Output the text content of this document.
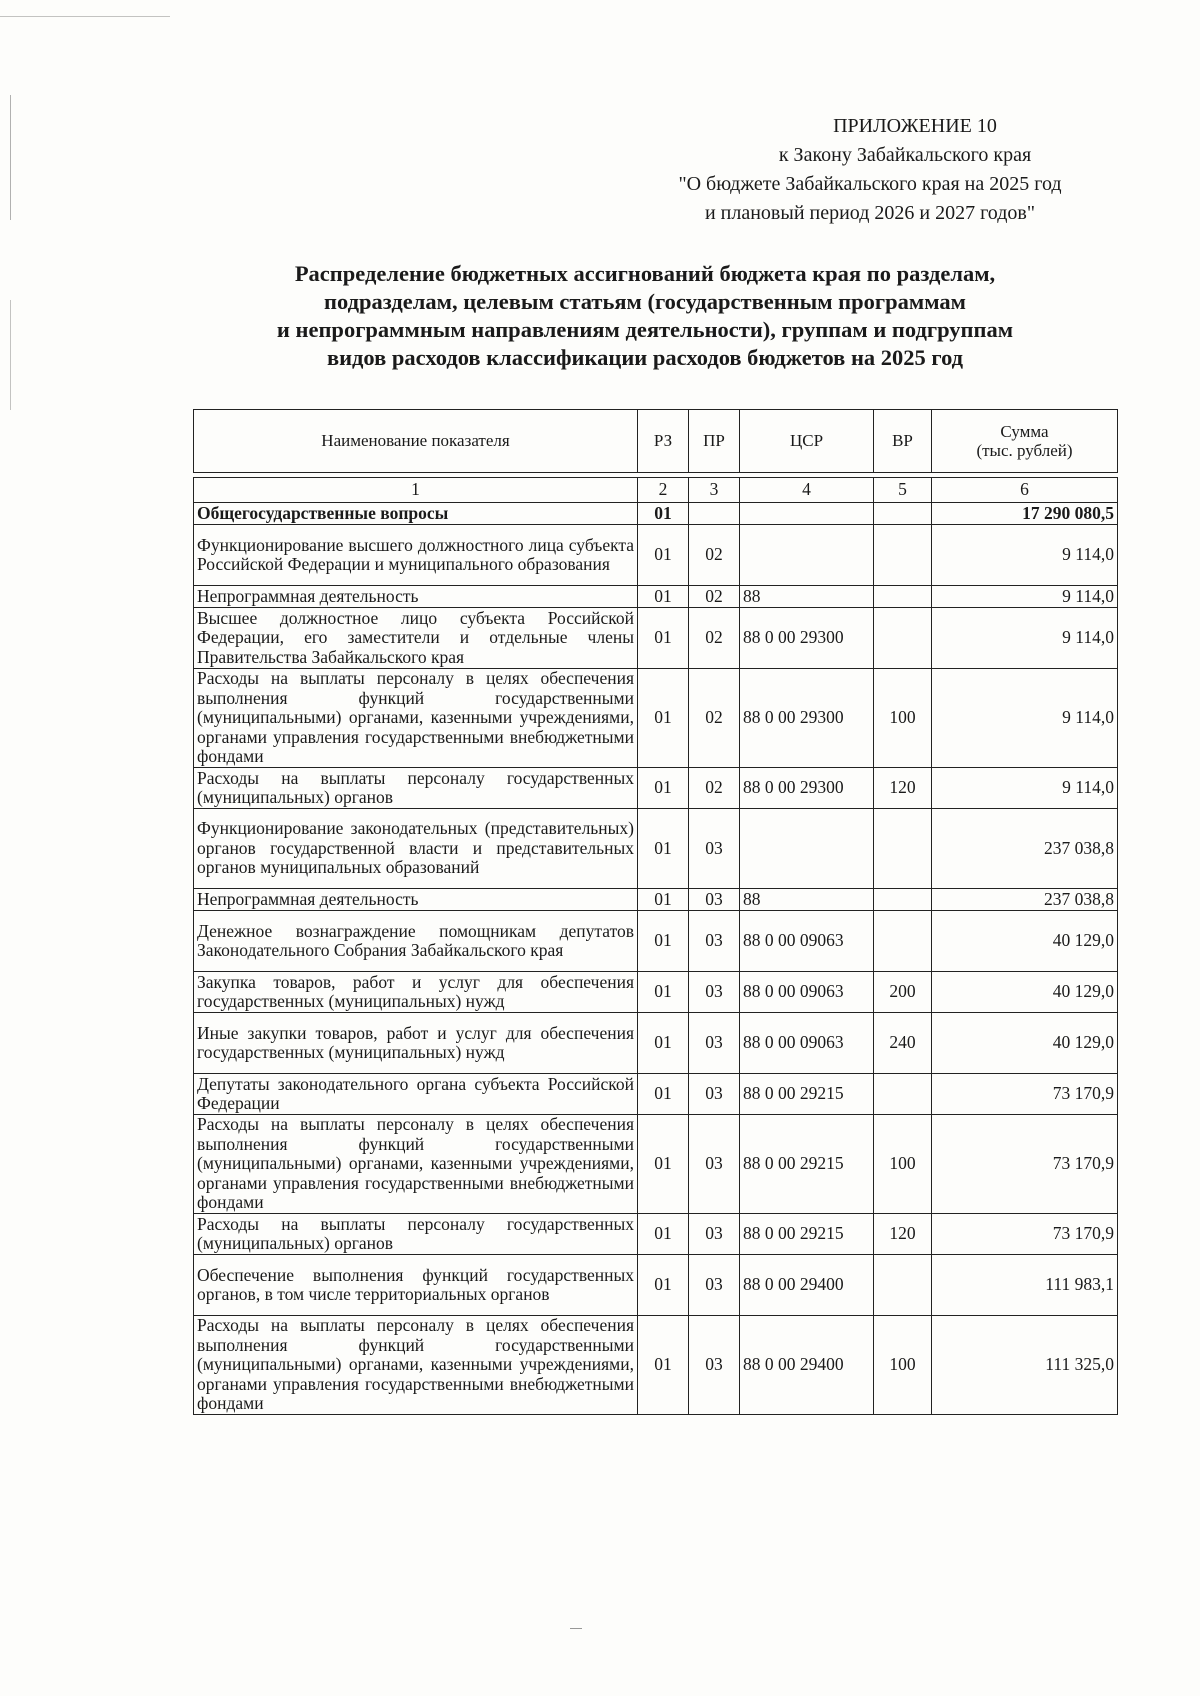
ПРИЛОЖЕНИЕ 10
к Закону Забайкальского края
"О бюджете Забайкальского края на 2025 год
и плановый период 2026 и 2027 годов"
Распределение бюджетных ассигнований бюджета края по разделам,
подразделам, целевым статьям (государственным программам
и непрограммным направлениям деятельности), группам и подгруппам
видов расходов классификации расходов бюджетов на 2025 год
Наименование показателя	РЗ	ПР	ЦСР	ВР	Сумма
(тыс. рублей)

1	2	3	4	5	6
Общегосударственные вопросы	01				17 290 080,5
Функционирование высшего должностного лица субъекта Российской Федерации и муниципального образования	01	02			9 114,0
Непрограммная деятельность	01	02	88		9 114,0
Высшее должностное лицо субъекта Российской Федерации, его заместители и отдельные члены Правительства Забайкальского края	01	02	88 0 00 29300		9 114,0
Расходы на выплаты персоналу в целях обеспечения выполнения функций государственными (муниципальными) органами, казенными учреждениями, органами управления государственными внебюджетными фондами	01	02	88 0 00 29300	100	9 114,0
Расходы на выплаты персоналу государственных (муниципальных) органов	01	02	88 0 00 29300	120	9 114,0
Функционирование законодательных (представительных) органов государственной власти и представительных органов муниципальных образований	01	03			237 038,8
Непрограммная деятельность	01	03	88		237 038,8
Денежное вознаграждение помощникам депутатов Законодательного Собрания Забайкальского края	01	03	88 0 00 09063		40 129,0
Закупка товаров, работ и услуг для обеспечения государственных (муниципальных) нужд	01	03	88 0 00 09063	200	40 129,0
Иные закупки товаров, работ и услуг для обеспечения государственных (муниципальных) нужд	01	03	88 0 00 09063	240	40 129,0
Депутаты законодательного органа субъекта Российской Федерации	01	03	88 0 00 29215		73 170,9
Расходы на выплаты персоналу в целях обеспечения выполнения функций государственными (муниципальными) органами, казенными учреждениями, органами управления государственными внебюджетными фондами	01	03	88 0 00 29215	100	73 170,9
Расходы на выплаты персоналу государственных (муниципальных) органов	01	03	88 0 00 29215	120	73 170,9
Обеспечение выполнения функций государственных органов, в том числе территориальных органов	01	03	88 0 00 29400		111 983,1
Расходы на выплаты персоналу в целях обеспечения выполнения функций государственными (муниципальными) органами, казенными учреждениями, органами управления государственными внебюджетными фондами	01	03	88 0 00 29400	100	111 325,0
